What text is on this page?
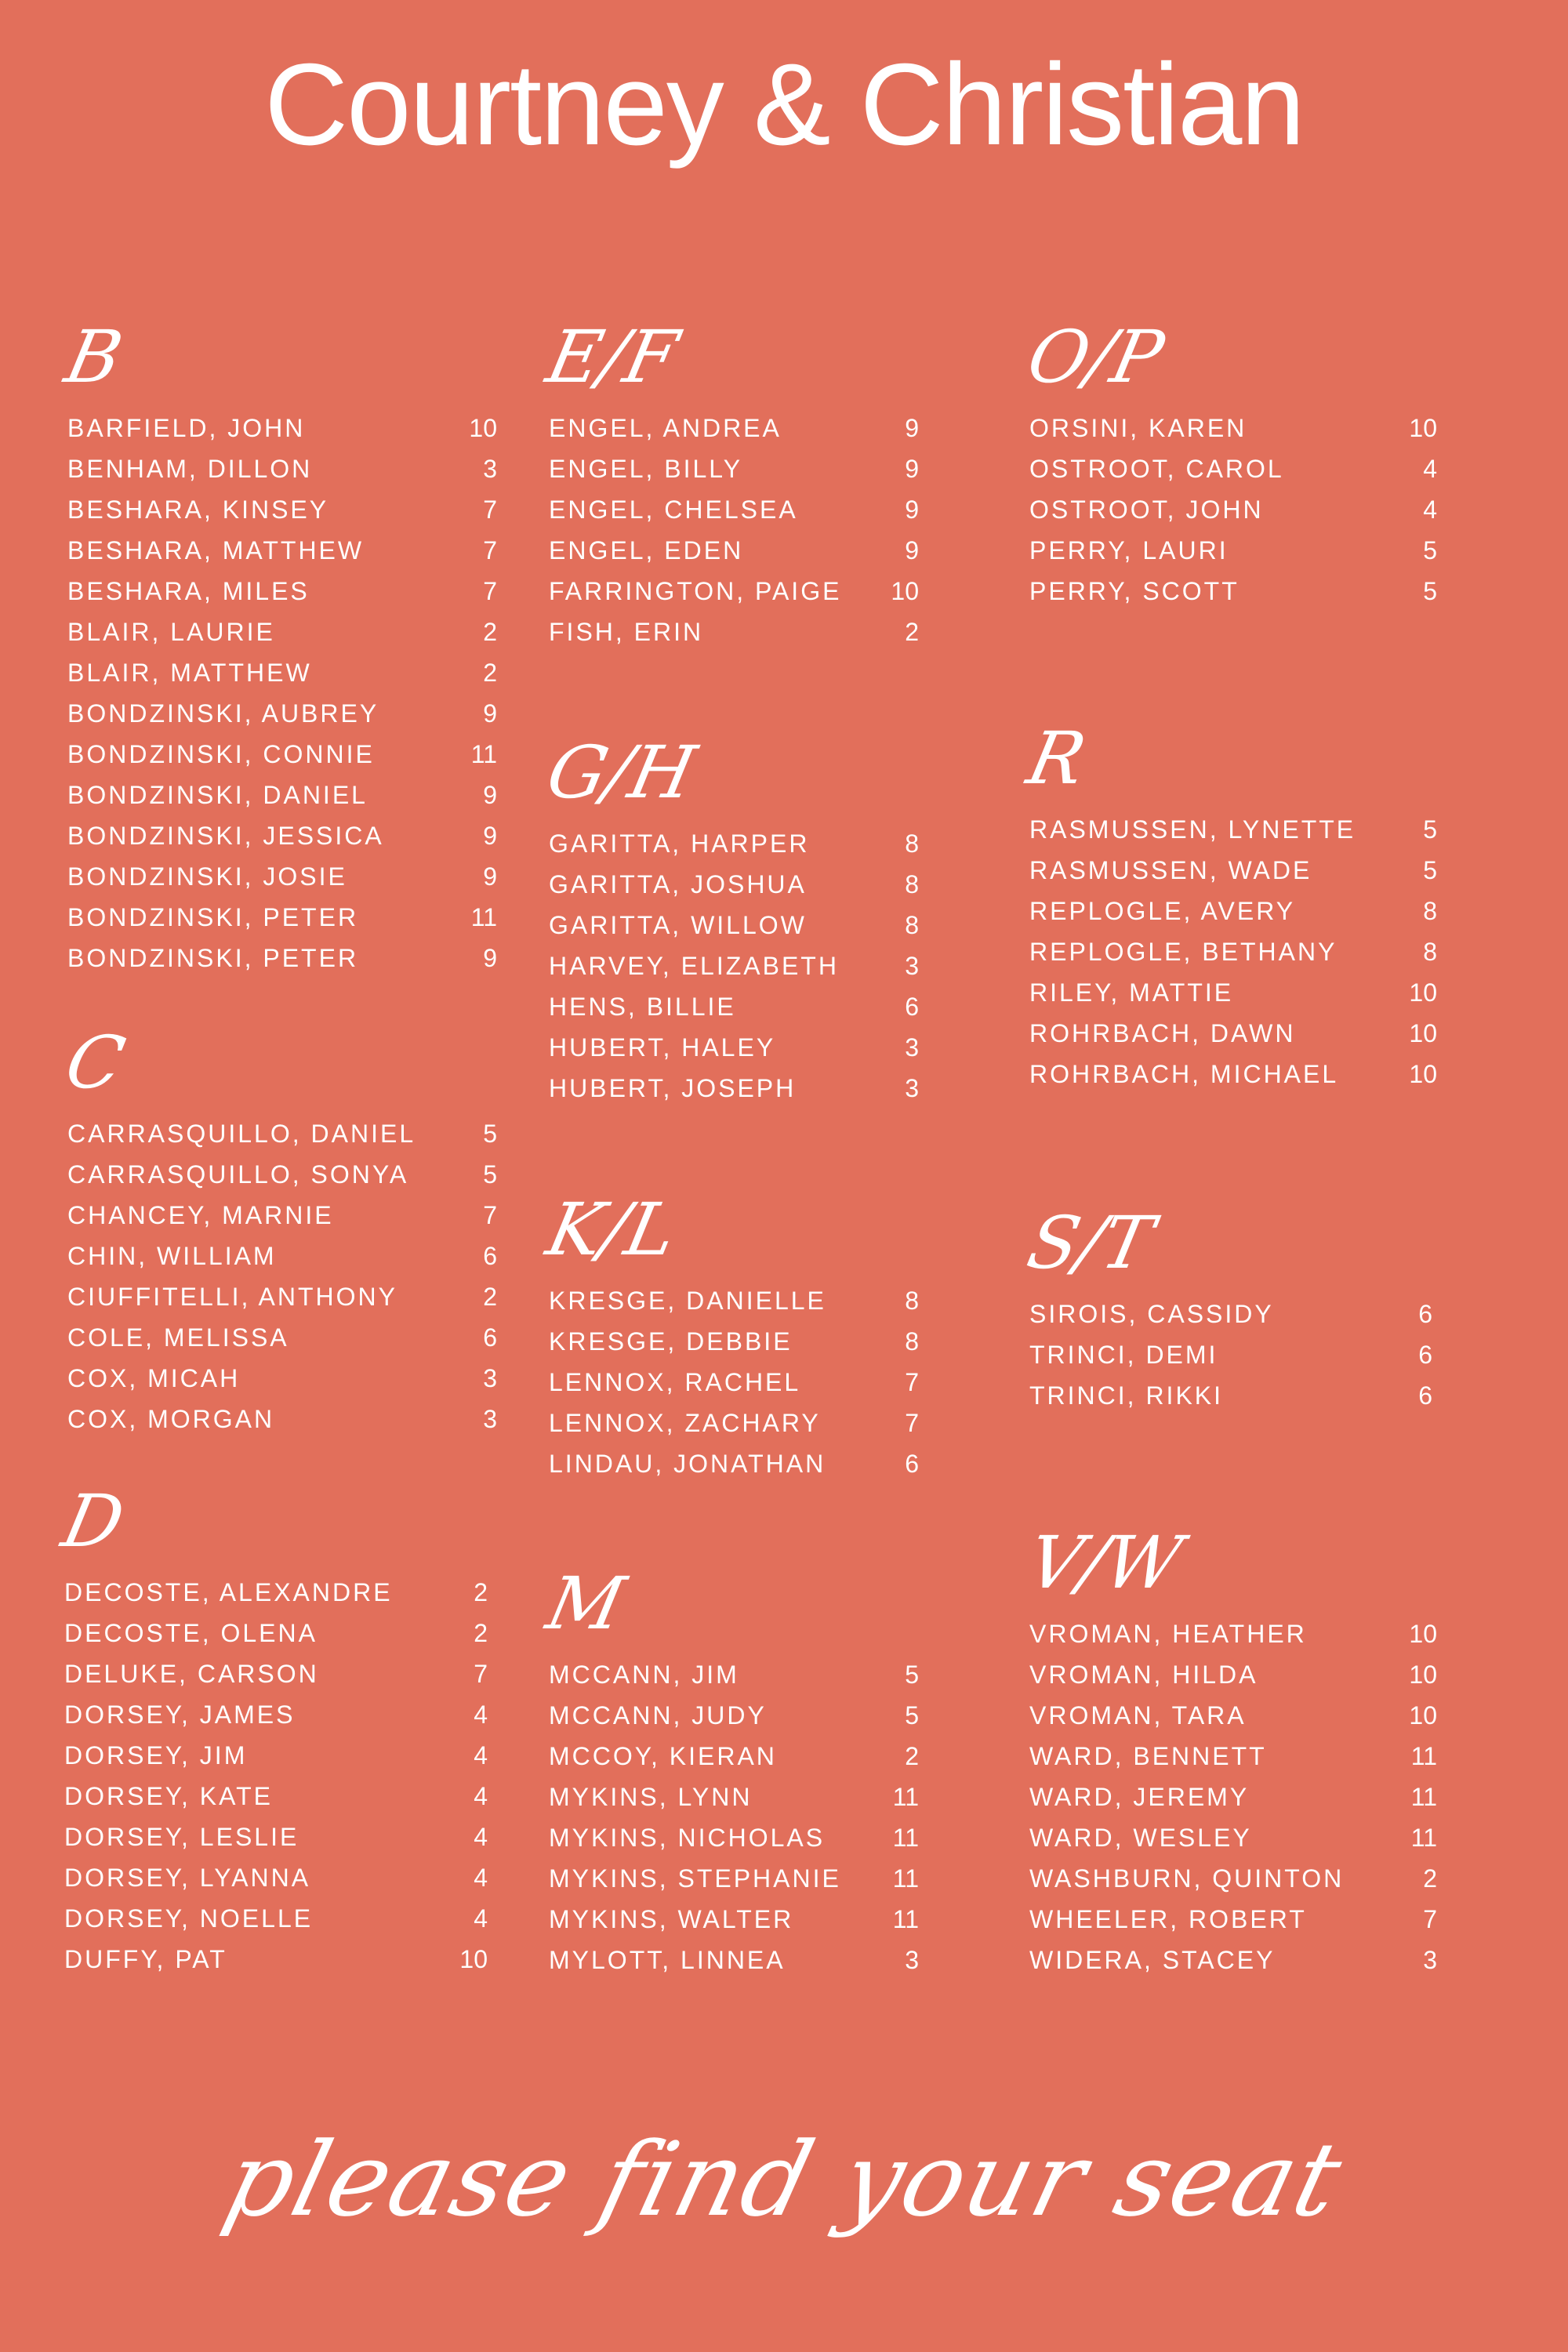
Courtney & Christian
B
BARFIELD, JOHN	10
BENHAM, DILLON	3
BESHARA, KINSEY	7
BESHARA, MATTHEW	7
BESHARA, MILES	7
BLAIR, LAURIE	2
BLAIR, MATTHEW	2
BONDZINSKI, AUBREY	9
BONDZINSKI, CONNIE	11
BONDZINSKI, DANIEL	9
BONDZINSKI, JESSICA	9
BONDZINSKI, JOSIE	9
BONDZINSKI, PETER	11
BONDZINSKI, PETER	9
C
CARRASQUILLO, DANIEL	5
CARRASQUILLO, SONYA	5
CHANCEY, MARNIE	7
CHIN, WILLIAM	6
CIUFFITELLI, ANTHONY	2
COLE, MELISSA	6
COX, MICAH	3
COX, MORGAN	3
D
DECOSTE, ALEXANDRE	2
DECOSTE, OLENA	2
DELUKE, CARSON	7
DORSEY, JAMES	4
DORSEY, JIM	4
DORSEY, KATE	4
DORSEY, LESLIE	4
DORSEY, LYANNA	4
DORSEY, NOELLE	4
DUFFY, PAT	10
E/F
ENGEL, ANDREA	9
ENGEL, BILLY	9
ENGEL, CHELSEA	9
ENGEL, EDEN	9
FARRINGTON, PAIGE 10
FISH, ERIN	2
G/H
GARITTA, HARPER	8
GARITTA, JOSHUA	8
GARITTA, WILLOW	8
HARVEY, ELIZABETH	3
HENS, BILLIE	6
HUBERT, HALEY	3
HUBERT, JOSEPH	3
K/L
KRESGE, DANIELLE	8
KRESGE, DEBBIE	8
LENNOX, RACHEL	7
LENNOX, ZACHARY	7
LINDAU, JONATHAN	6
M
MCCANN, JIM	5
MCCANN, JUDY	5
MCCOY, KIERAN	2
MYKINS, LYNN	11
MYKINS, NICHOLAS	11
MYKINS, STEPHANIE 11
MYKINS, WALTER	11
MYLOTT, LINNEA	3
O/P
ORSINI, KAREN	10
OSTROOT, CAROL	4
OSTROOT, JOHN	4
PERRY, LAURI	5
PERRY, SCOTT	5
R
RASMUSSEN, LYNETTE	5
RASMUSSEN, WADE	5
REPLOGLE, AVERY	8
REPLOGLE, BETHANY	8
RILEY, MATTIE	10
ROHRBACH, DAWN	10
ROHRBACH, MICHAEL	10
S/T
SIROIS, CASSIDY	6
TRINCI, DEMI	6
TRINCI, RIKKI	6
V/W
VROMAN, HEATHER	10
VROMAN, HILDA	10
VROMAN, TARA	10
WARD, BENNETT	11
WARD, JEREMY	11
WARD, WESLEY	11
WASHBURN, QUINTON	2
WHEELER, ROBERT	7
WIDERA, STACEY	3
please find your seat
